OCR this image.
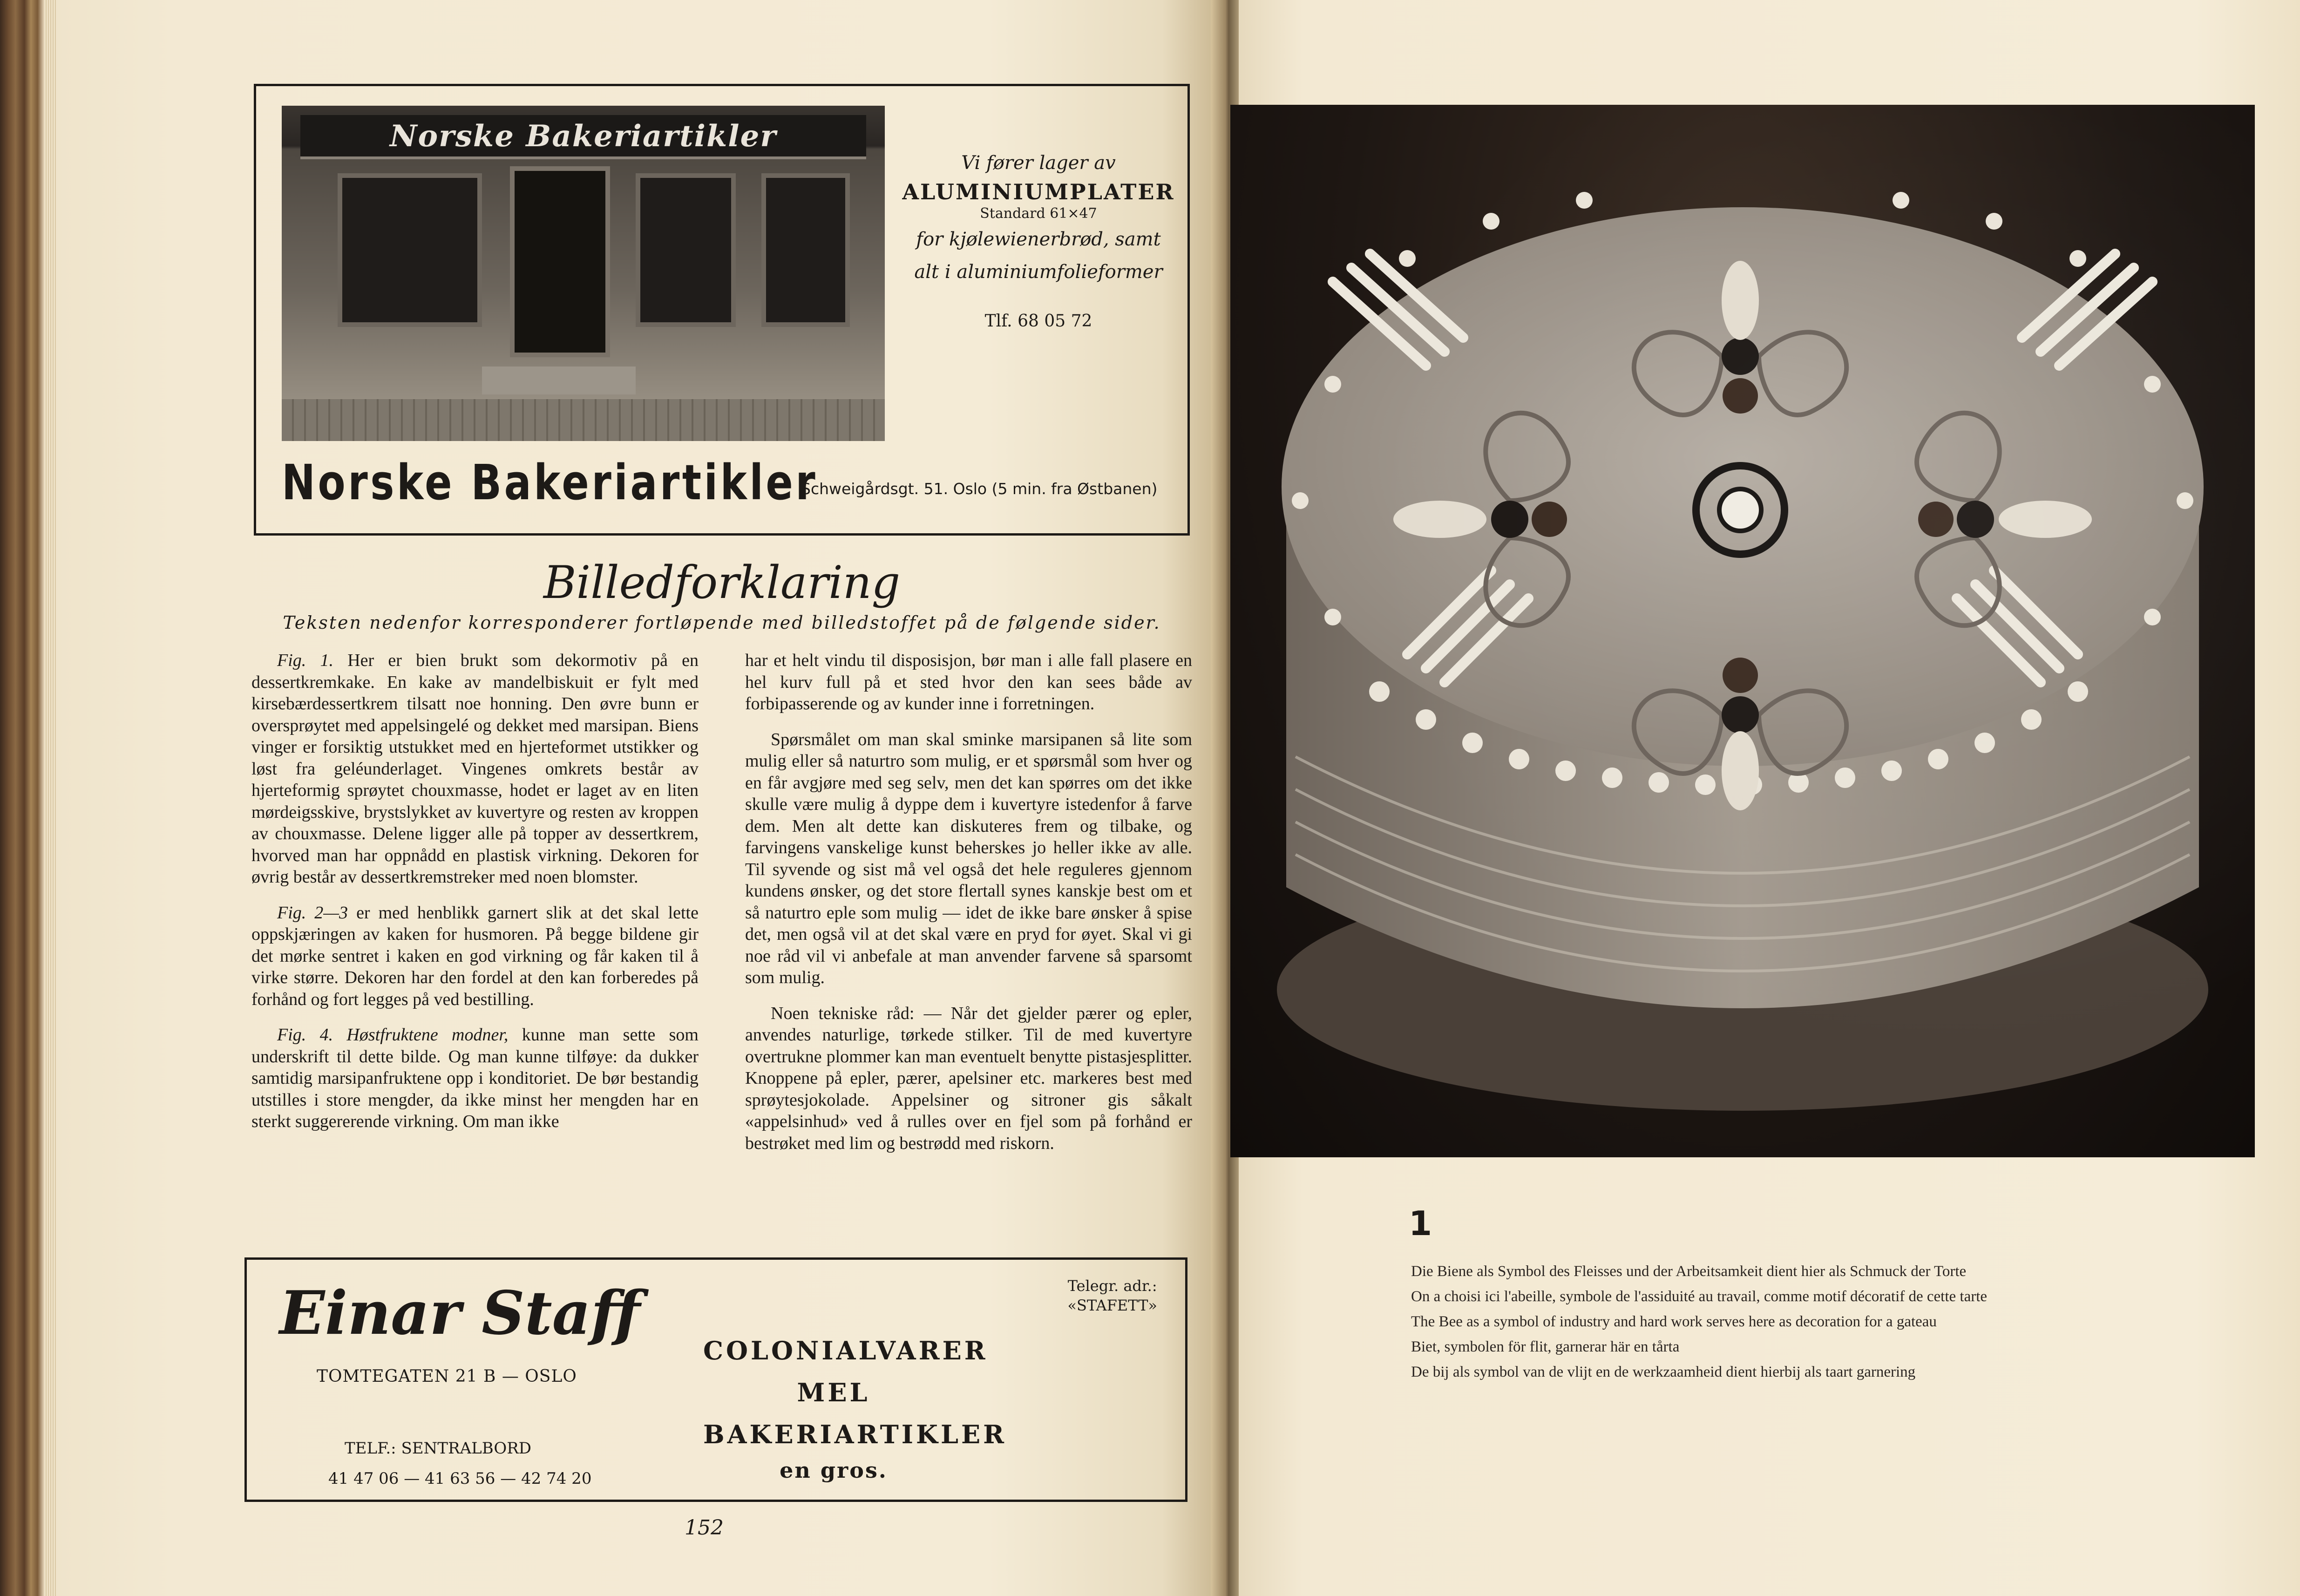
Norske Bakeriartikler
Vi fører lager av
ALUMINIUMPLATER
Standard 61×47
for kjølewienerbrød, samt
alt i aluminiumfolieformer
Tlf. 68 05 72
Norske Bakeriartikler
Schweigårdsgt. 51. Oslo (5 min. fra Østbanen)
Billedforklaring
Teksten nedenfor korresponderer fortløpende med billedstoffet på de følgende sider.

Fig. 1. Her er bien brukt som dekormotiv på en dessertkremkake. En kake av mandelbiskuit er fylt med kirsebærdessertkrem tilsatt noe honning. Den øvre bunn er oversprøytet med appelsingelé og dekket med marsipan. Biens vinger er forsiktig utstukket med en hjerteformet utstikker og løst fra geléunderlaget. Vingenes omkrets består av hjerteformig sprøytet chouxmasse, hodet er laget av en liten mørdeigsskive, brystslykket av kuvertyre og resten av kroppen av chouxmasse. Delene ligger alle på topper av dessertkrem, hvorved man har oppnådd en plastisk virkning. Dekoren for øvrig består av dessertkremstreker med noen blomster.

Fig. 2—3 er med henblikk garnert slik at det skal lette oppskjæringen av kaken for husmoren. På begge bildene gir det mørke sentret i kaken en god virkning og får kaken til å virke større. Dekoren har den fordel at den kan forberedes på forhånd og fort legges på ved bestilling.

Fig. 4. Høstfruktene modner, kunne man sette som underskrift til dette bilde. Og man kunne tilføye: da dukker samtidig marsipanfruktene opp i konditoriet. De bør bestandig utstilles i store mengder, da ikke minst her mengden har en sterkt suggererende virkning. Om man ikke

har et helt vindu til disposisjon, bør man i alle fall plasere en hel kurv full på et sted hvor den kan sees både av forbipasserende og av kunder inne i forretningen.

Spørsmålet om man skal sminke marsipanen så lite som mulig eller så naturtro som mulig, er et spørsmål som hver og en får avgjøre med seg selv, men det kan spørres om det ikke skulle være mulig å dyppe dem i kuvertyre istedenfor å farve dem. Men alt dette kan diskuteres frem og tilbake, og farvingens vanskelige kunst beherskes jo heller ikke av alle. Til syvende og sist må vel også det hele reguleres gjennom kundens ønsker, og det store flertall synes kanskje best om et så naturtro eple som mulig — idet de ikke bare ønsker å spise det, men også vil at det skal være en pryd for øyet. Skal vi gi noe råd vil vi anbefale at man anvender farvene så sparsomt som mulig.

Noen tekniske råd: — Når det gjelder pærer og epler, anvendes naturlige, tørkede stilker. Til de med kuvertyre overtrukne plommer kan man eventuelt benytte pistasjesplitter. Knoppene på epler, pærer, apelsiner etc. markeres best med sprøytesjokolade. Appelsiner og sitroner gis såkalt «appelsinhud» ved å rulles over en fjel som på forhånd er bestrøket med lim og bestrødd med riskorn.

Einar Staff
TOMTEGATEN 21 B — OSLO
TELF.: SENTRALBORD
41 47 06 — 41 63 56 — 42 74 20
Telegr. adr.:
«STAFETT»
COLONIALVARER
MEL
BAKERIARTIKLER
en gros.
152
1

Die Biene als Symbol des Fleisses und der Arbeitsamkeit dient hier als Schmuck der Torte

On a choisi ici l'abeille, symbole de l'assiduité au travail, comme motif décoratif de cette tarte

The Bee as a symbol of industry and hard work serves here as decoration for a gateau

Biet, symbolen för flit, garnerar här en tårta

De bij als symbol van de vlijt en de werkzaamheid dient hierbij als taart garnering
